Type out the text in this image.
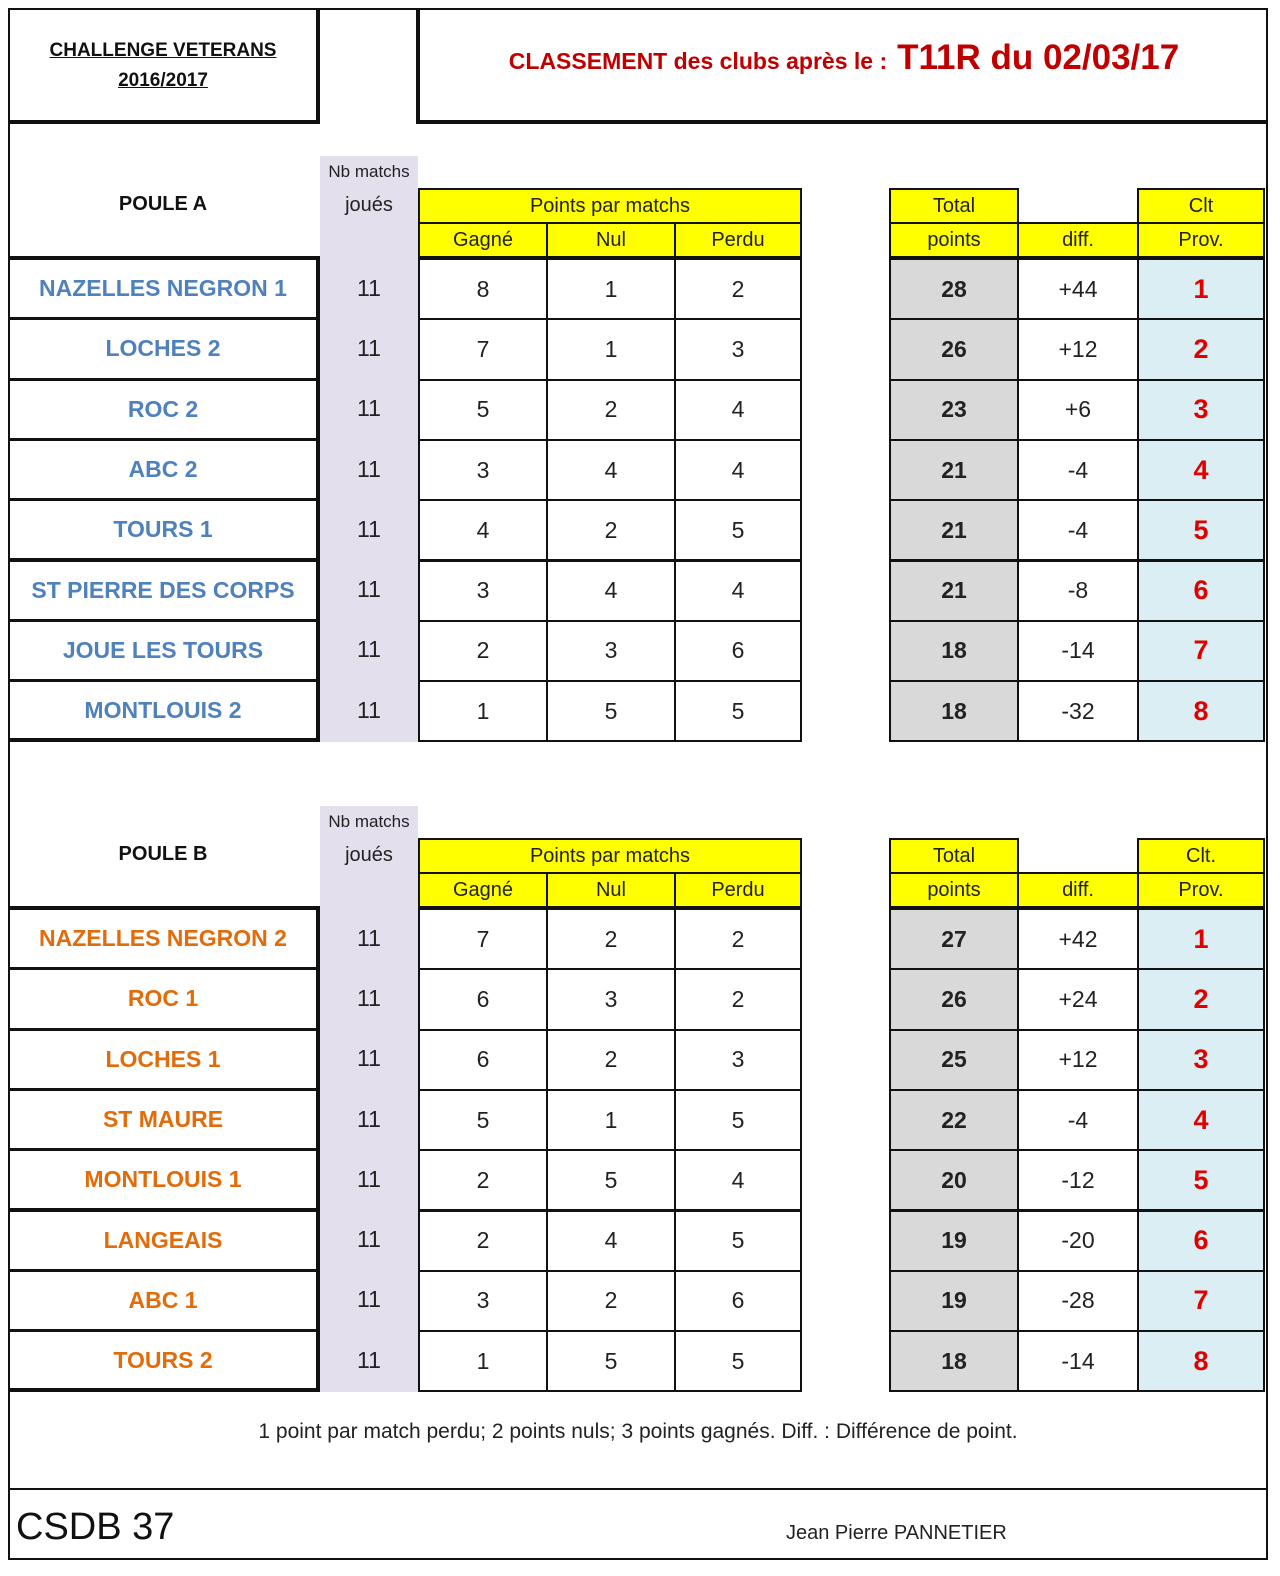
CHALLENGE VETERANS
2016/2017
CLASSEMENT des clubs après le : T11R du 02/03/17
POULE A
Nb matchs
joués	Points par matchs
Gagné	Nul	Perdu
Total
points	diff.
Clt
Prov.
NAZELLES NEGRON 1	11	8	1	2	28	+44	1
LOCHES 2	11	7	1	3	26	+12	2
ROC 2	11	5	2	4	23	+6	3
ABC 2	11	3	4	4	21	-4	4
TOURS 1	11	4	2	5	21	-4	5
ST PIERRE DES CORPS	11	3	4	4	21	-8	6
JOUE LES TOURS	11	2	3	6	18	-14	7
MONTLOUIS 2	11	1	5	5	18	-32	8
POULE B
Nb matchs
joués	Points par matchs
Gagné	Nul	Perdu
Total
points	diff.
Clt.
Prov.
NAZELLES NEGRON 2	11	7	2	2	27	+42	1
ROC 1	11	6	3	2	26	+24	2
LOCHES 1	11	6	2	3	25	+12	3
ST MAURE	11	5	1	5	22	-4	4
MONTLOUIS 1	11	2	5	4	20	-12	5
LANGEAIS	11	2	4	5	19	-20	6
ABC 1	11	3	2	6	19	-28	7
TOURS 2	11	1	5	5	18	-14	8
1 point par match perdu; 2 points nuls; 3 points gagnés. Diff. : Différence de point.
CSDB 37	Jean Pierre PANNETIER
